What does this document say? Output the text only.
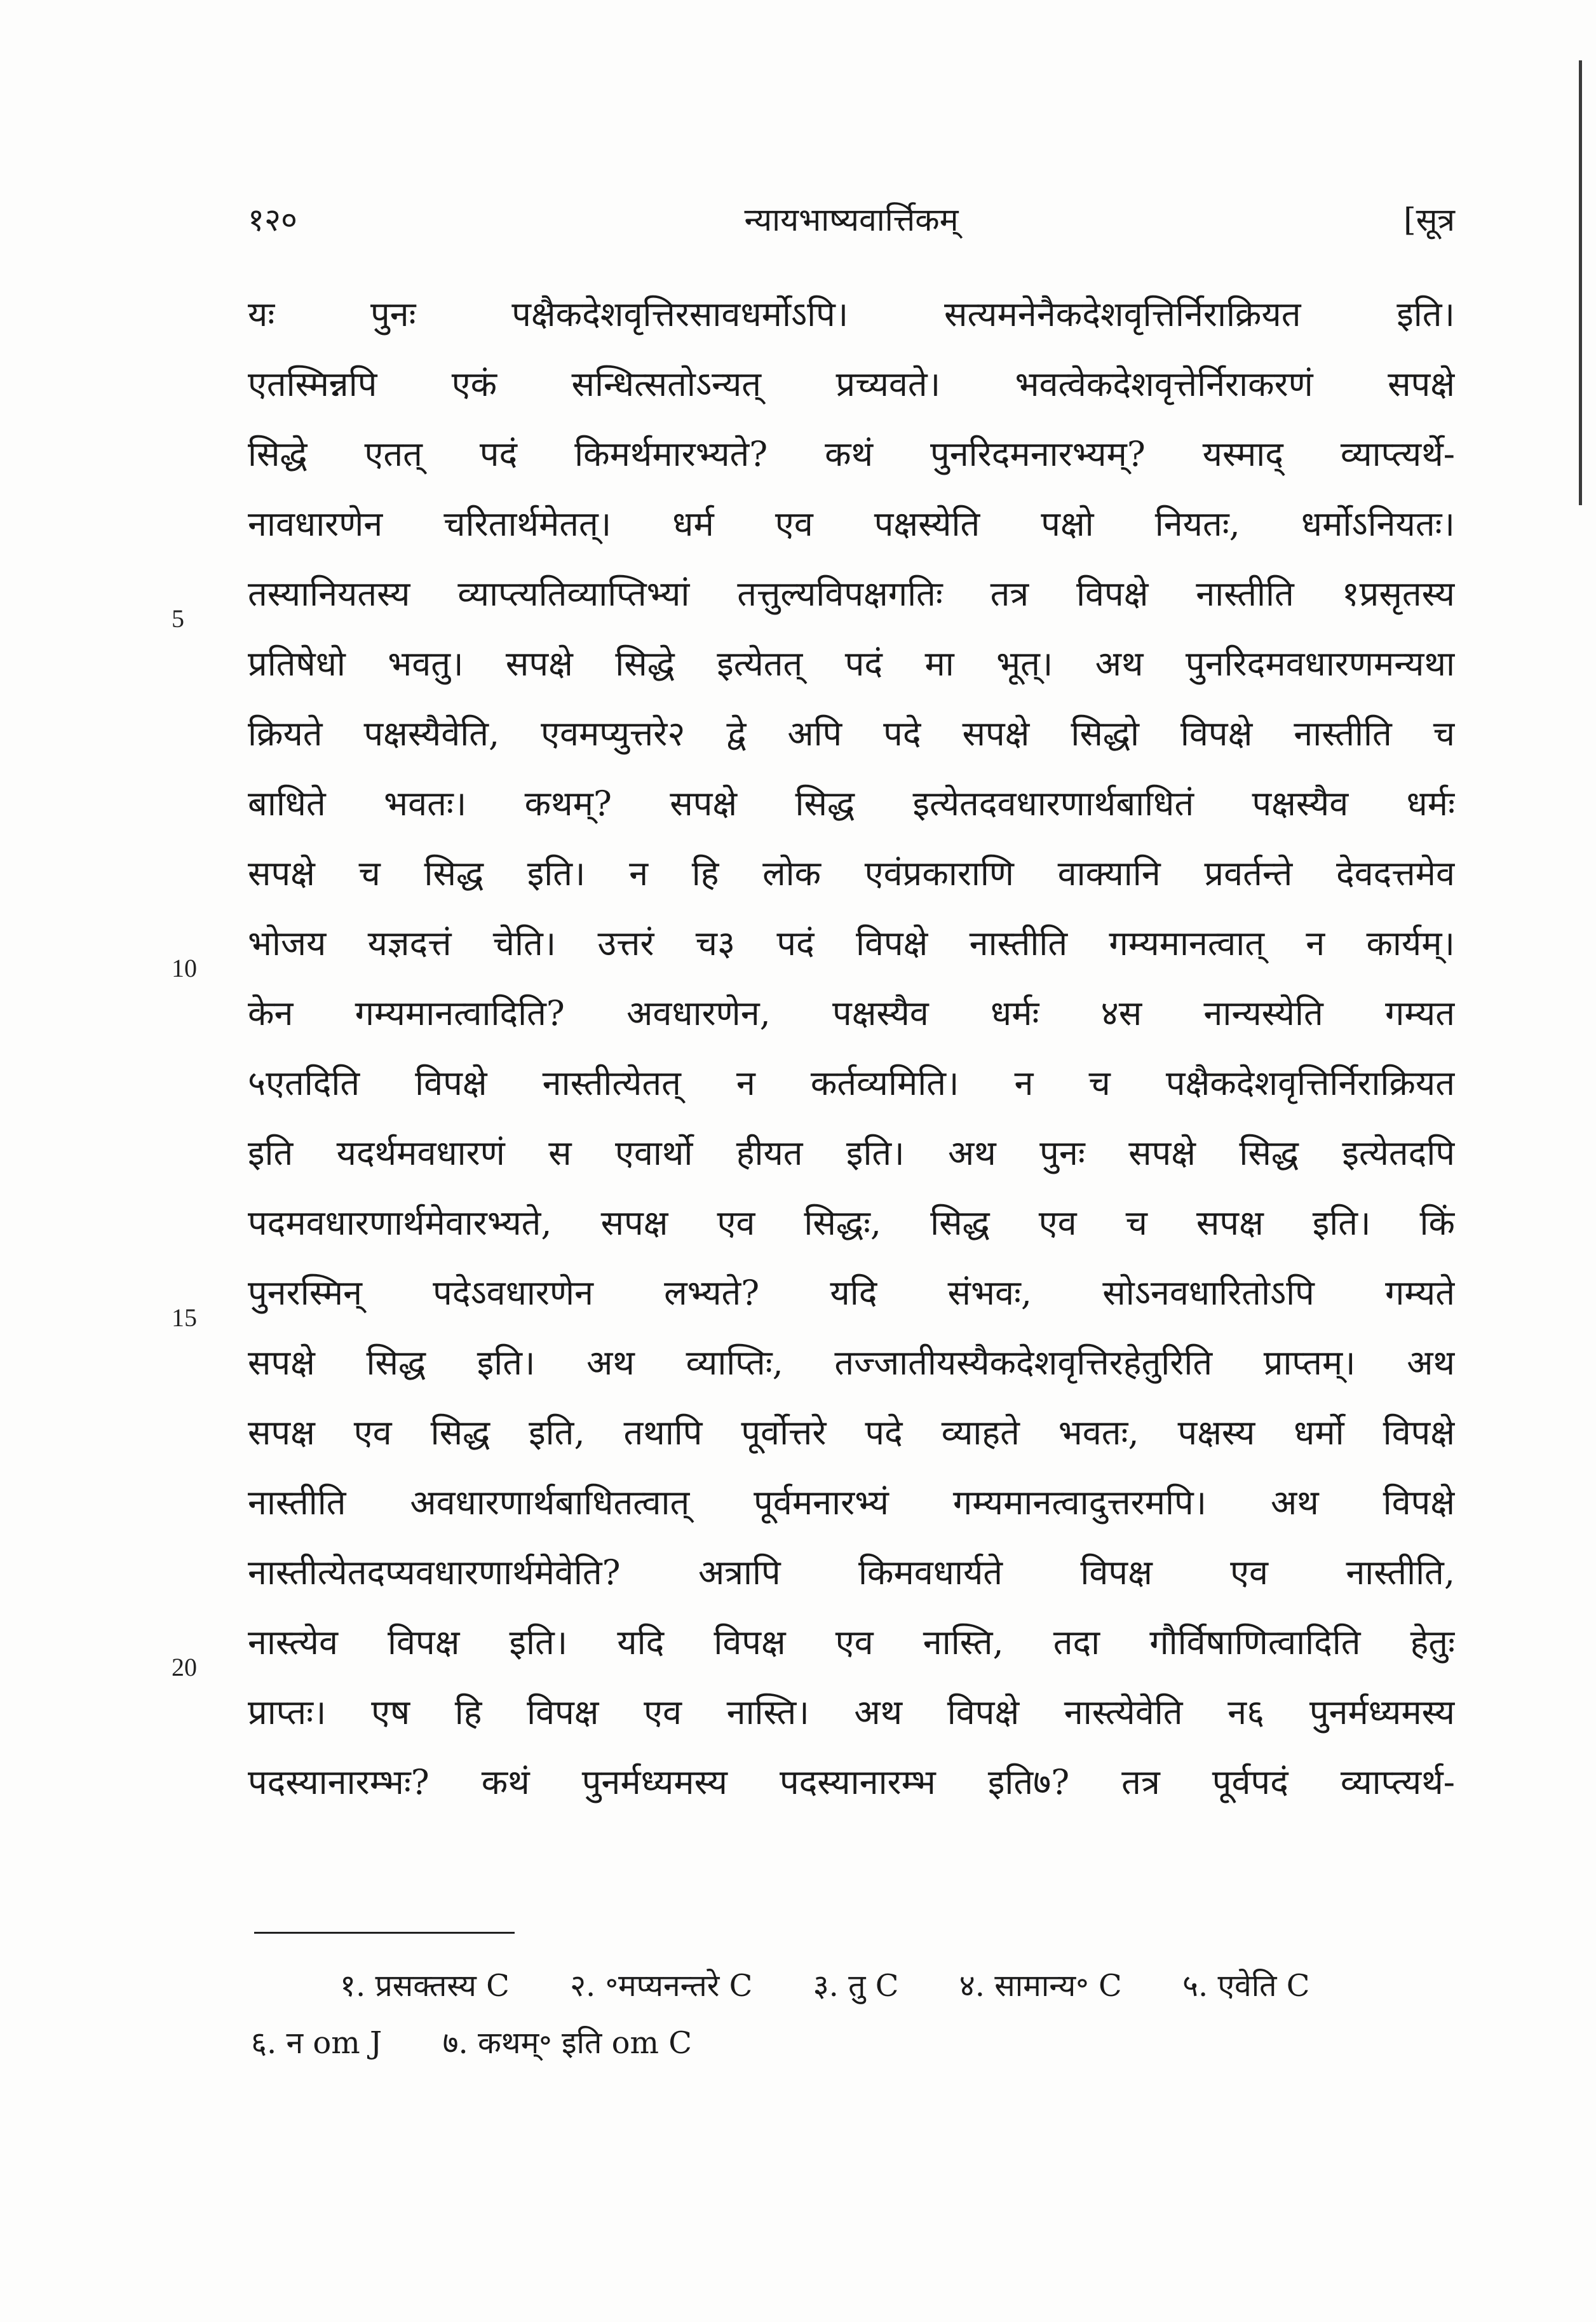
१२०	न्यायभाष्यवार्त्तिकम्	[सूत्र
5
10
15
20
यः पुनः पक्षैकदेशवृत्तिरसावधर्मोऽपि। सत्यमनेनैकदेशवृत्तिर्निराक्रियत इति।
एतस्मिन्नपि एकं सन्धित्सतोऽन्यत् प्रच्यवते। भवत्वेकदेशवृत्तेर्निराकरणं सपक्षे
सिद्धे एतत् पदं किमर्थमारभ्यते? कथं पुनरिदमनारभ्यम्? यस्माद् व्याप्त्यर्थे-
नावधारणेन चरितार्थमेतत्। धर्म एव पक्षस्येति पक्षो नियतः, धर्मोऽनियतः।
तस्यानियतस्य व्याप्त्यतिव्याप्तिभ्यां तत्तुल्यविपक्षगतिः तत्र विपक्षे नास्तीति १प्रसृतस्य
प्रतिषेधो भवतु। सपक्षे सिद्धे इत्येतत् पदं मा भूत्। अथ पुनरिदमवधारणमन्यथा
क्रियते पक्षस्यैवेति, एवमप्युत्तरे२ द्वे अपि पदे सपक्षे सिद्धो विपक्षे नास्तीति च
बाधिते भवतः। कथम्? सपक्षे सिद्ध इत्येतदवधारणार्थबाधितं पक्षस्यैव धर्मः
सपक्षे च सिद्ध इति। न हि लोक एवंप्रकाराणि वाक्यानि प्रवर्तन्ते देवदत्तमेव
भोजय यज्ञदत्तं चेति। उत्तरं च३ पदं विपक्षे नास्तीति गम्यमानत्वात् न कार्यम्।
केन गम्यमानत्वादिति? अवधारणेन, पक्षस्यैव धर्मः ४स नान्यस्येति गम्यत
५एतदिति विपक्षे नास्तीत्येतत् न कर्तव्यमिति। न च पक्षैकदेशवृत्तिर्निराक्रियत
इति यदर्थमवधारणं स एवार्थो हीयत इति। अथ पुनः सपक्षे सिद्ध इत्येतदपि
पदमवधारणार्थमेवारभ्यते, सपक्ष एव सिद्धः, सिद्ध एव च सपक्ष इति। किं
पुनरस्मिन् पदेऽवधारणेन लभ्यते? यदि संभवः, सोऽनवधारितोऽपि गम्यते
सपक्षे सिद्ध इति। अथ व्याप्तिः, तज्जातीयस्यैकदेशवृत्तिरहेतुरिति प्राप्तम्। अथ
सपक्ष एव सिद्ध इति, तथापि पूर्वोत्तरे पदे व्याहते भवतः, पक्षस्य धर्मो विपक्षे
नास्तीति अवधारणार्थबाधितत्वात् पूर्वमनारभ्यं गम्यमानत्वादुत्तरमपि। अथ विपक्षे
नास्तीत्येतदप्यवधारणार्थमेवेति? अत्रापि किमवधार्यते विपक्ष एव नास्तीति,
नास्त्येव विपक्ष इति। यदि विपक्ष एव नास्ति, तदा गौर्विषाणित्वादिति हेतुः
प्राप्तः। एष हि विपक्ष एव नास्ति। अथ विपक्षे नास्त्येवेति न६ पुनर्मध्यमस्य
पदस्यानारम्भः? कथं पुनर्मध्यमस्य पदस्यानारम्भ इति७? तत्र पूर्वपदं व्याप्त्यर्थ-
१. प्रसक्तस्य C २. ॰मप्यनन्तरे C ३. तु C ४. सामान्य॰ C ५. एवेति C
६. न om J ७. कथम्॰ इति om C
